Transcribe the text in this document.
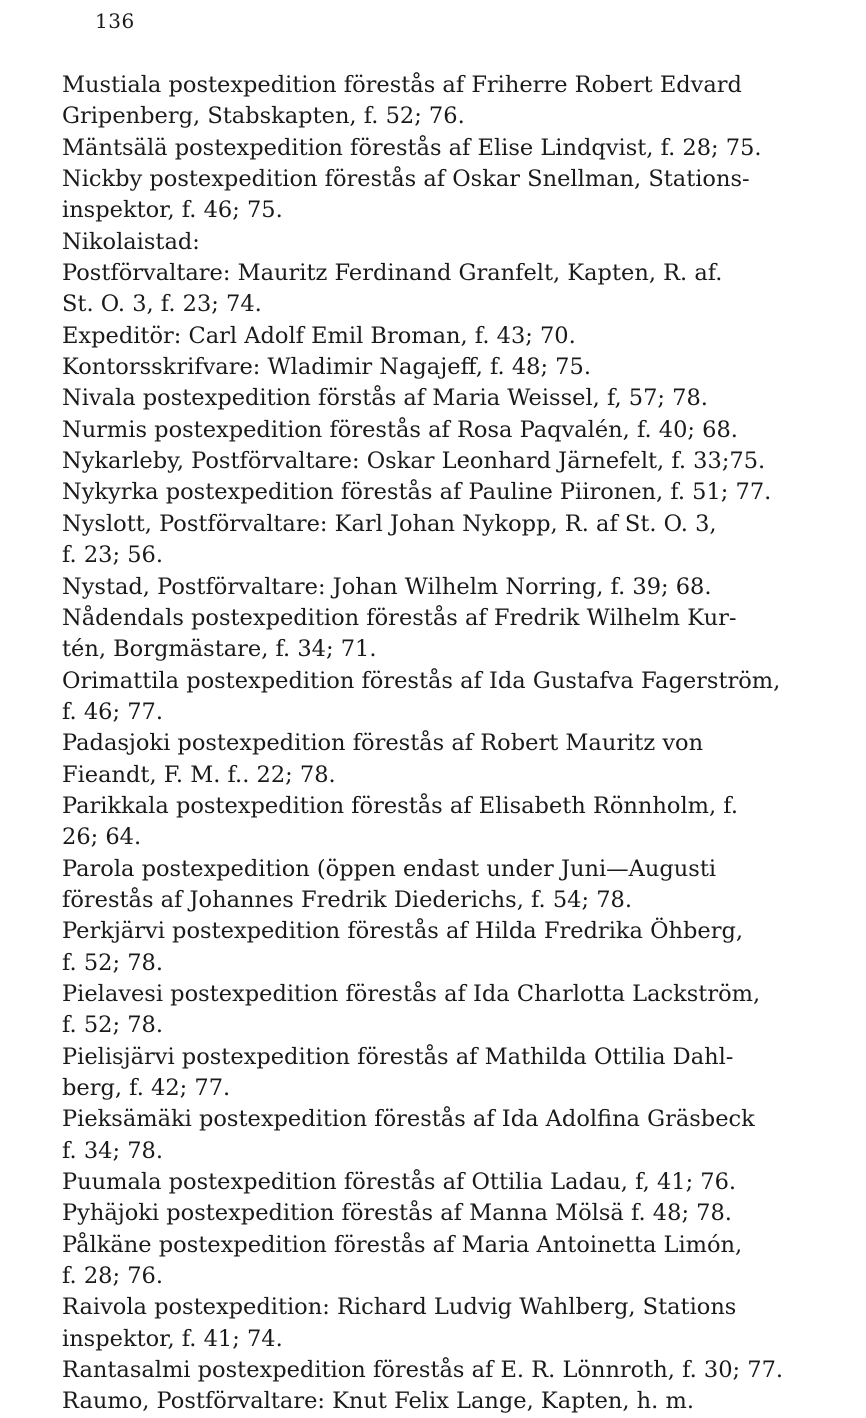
136
Mustiala postexpedition förestås af Friherre Robert Edvard
Gripenberg, Stabskapten, f. 52; 76.
Mäntsälä postexpedition förestås af Elise Lindqvist, f. 28; 75.
Nickby postexpedition förestås af Oskar Snellman, Stations-
inspektor, f. 46; 75.
Nikolaistad:
Postförvaltare: Mauritz Ferdinand Granfelt, Kapten, R. af.
St. O. 3, f. 23; 74.
Expeditör: Carl Adolf Emil Broman, f. 43; 70.
Kontorsskrifvare: Wladimir Nagajeff, f. 48; 75.
Nivala postexpedition förstås af Maria Weissel, f, 57; 78.
Nurmis postexpedition förestås af Rosa Paqvalén, f. 40; 68.
Nykarleby, Postförvaltare: Oskar Leonhard Järnefelt, f. 33;75.
Nykyrka postexpedition förestås af Pauline Piironen, f. 51; 77.
Nyslott, Postförvaltare: Karl Johan Nykopp, R. af St. O. 3,
f. 23; 56.
Nystad, Postförvaltare: Johan Wilhelm Norring, f. 39; 68.
Nådendals postexpedition förestås af Fredrik Wilhelm Kur-
tén, Borgmästare, f. 34; 71.
Orimattila postexpedition förestås af Ida Gustafva Fagerström,
f. 46; 77.
Padasjoki postexpedition förestås af Robert Mauritz von
Fieandt, F. M. f.. 22; 78.
Parikkala postexpedition förestås af Elisabeth Rönnholm, f.
26; 64.
Parola postexpedition (öppen endast under Juni—Augusti
förestås af Johannes Fredrik Diederichs, f. 54; 78.
Perkjärvi postexpedition förestås af Hilda Fredrika Öhberg,
f. 52; 78.
Pielavesi postexpedition förestås af Ida Charlotta Lackström,
f. 52; 78.
Pielisjärvi postexpedition förestås af Mathilda Ottilia Dahl-
berg, f. 42; 77.
Pieksämäki postexpedition förestås af Ida Adolfina Gräsbeck
f. 34; 78.
Puumala postexpedition förestås af Ottilia Ladau, f, 41; 76.
Pyhäjoki postexpedition förestås af Manna Mölsä f. 48; 78.
Pålkäne postexpedition förestås af Maria Antoinetta Limón,
f. 28; 76.
Raivola postexpedition: Richard Ludvig Wahlberg, Stations
inspektor, f. 41; 74.
Rantasalmi postexpedition förestås af E. R. Lönnroth, f. 30; 77.
Raumo, Postförvaltare: Knut Felix Lange, Kapten, h. m.
